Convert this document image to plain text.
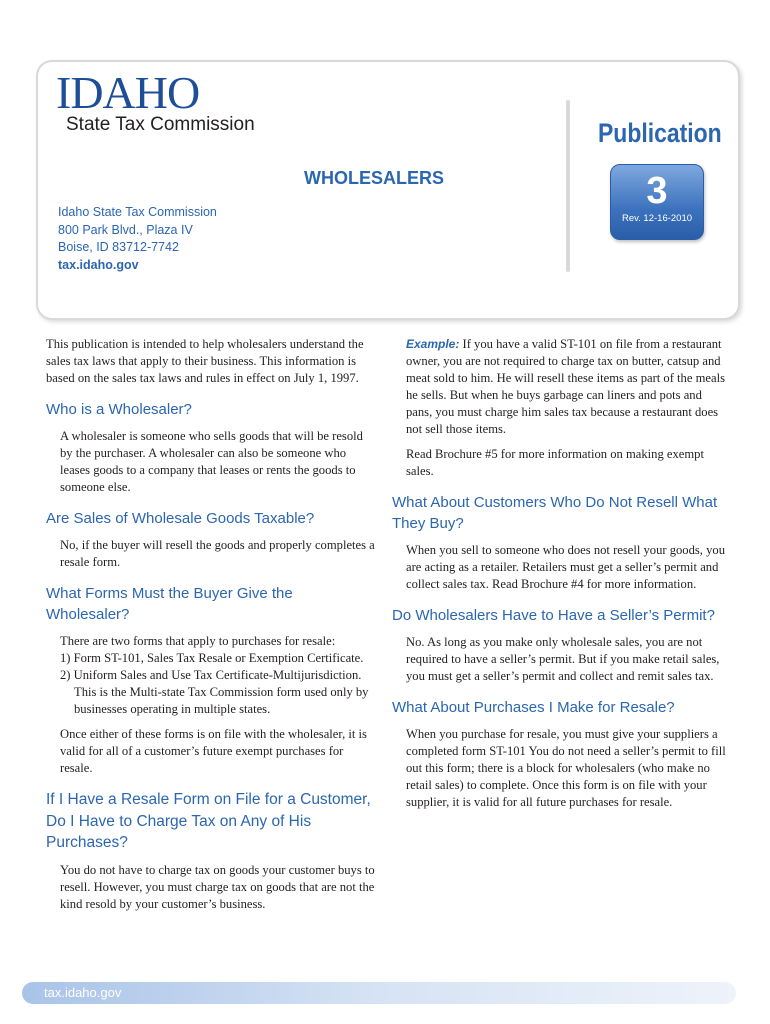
IDAHO
State Tax Commission
WHOLESALERS
Idaho State Tax Commission
800 Park Blvd., Plaza IV
Boise, ID 83712-7742
tax.idaho.gov
Publication
3
Rev. 12-16-2010

This publication is intended to help wholesalers understand the sales tax laws that apply to their business. This information is based on the sales tax laws and rules in effect on July 1, 1997.

Who is a Wholesaler?

A wholesaler is someone who sells goods that will be resold by the purchaser. A wholesaler can also be someone who leases goods to a company that leases or rents the goods to someone else.

Are Sales of Wholesale Goods Taxable?

No, if the buyer will resell the goods and properly completes a resale form.

What Forms Must the Buyer Give the Wholesaler?

There are two forms that apply to purchases for resale:

1) Form ST-101, Sales Tax Resale or Exemption Certificate.
2) Uniform Sales and Use Tax Certificate-Multijurisdiction. This is the Multi-state Tax Commission form used only by businesses operating in multiple states.

Once either of these forms is on file with the wholesaler, it is valid for all of a customer’s future exempt purchases for resale.

If I Have a Resale Form on File for a Customer, Do I Have to Charge Tax on Any of His Purchases?

You do not have to charge tax on goods your customer buys to resell. However, you must charge tax on goods that are not the kind resold by your customer’s business.

Example: If you have a valid ST-101 on file from a restaurant owner, you are not required to charge tax on butter, catsup and meat sold to him. He will resell these items as part of the meals he sells. But when he buys garbage can liners and pots and pans, you must charge him sales tax because a restaurant does not sell those items.

Read Brochure #5 for more information on making exempt sales.

What About Customers Who Do Not Resell What They Buy?

When you sell to someone who does not resell your goods, you are acting as a retailer. Retailers must get a seller’s permit and collect sales tax. Read Brochure #4 for more information.

Do Wholesalers Have to Have a Seller’s Permit?

No. As long as you make only wholesale sales, you are not required to have a seller’s permit. But if you make retail sales, you must get a seller’s permit and collect and remit sales tax.

What About Purchases I Make for Resale?

When you purchase for resale, you must give your suppliers a completed form ST-101 You do not need a seller’s permit to fill out this form; there is a block for wholesalers (who make no retail sales) to complete. Once this form is on file with your supplier, it is valid for all future purchases for resale.

tax.idaho.gov
